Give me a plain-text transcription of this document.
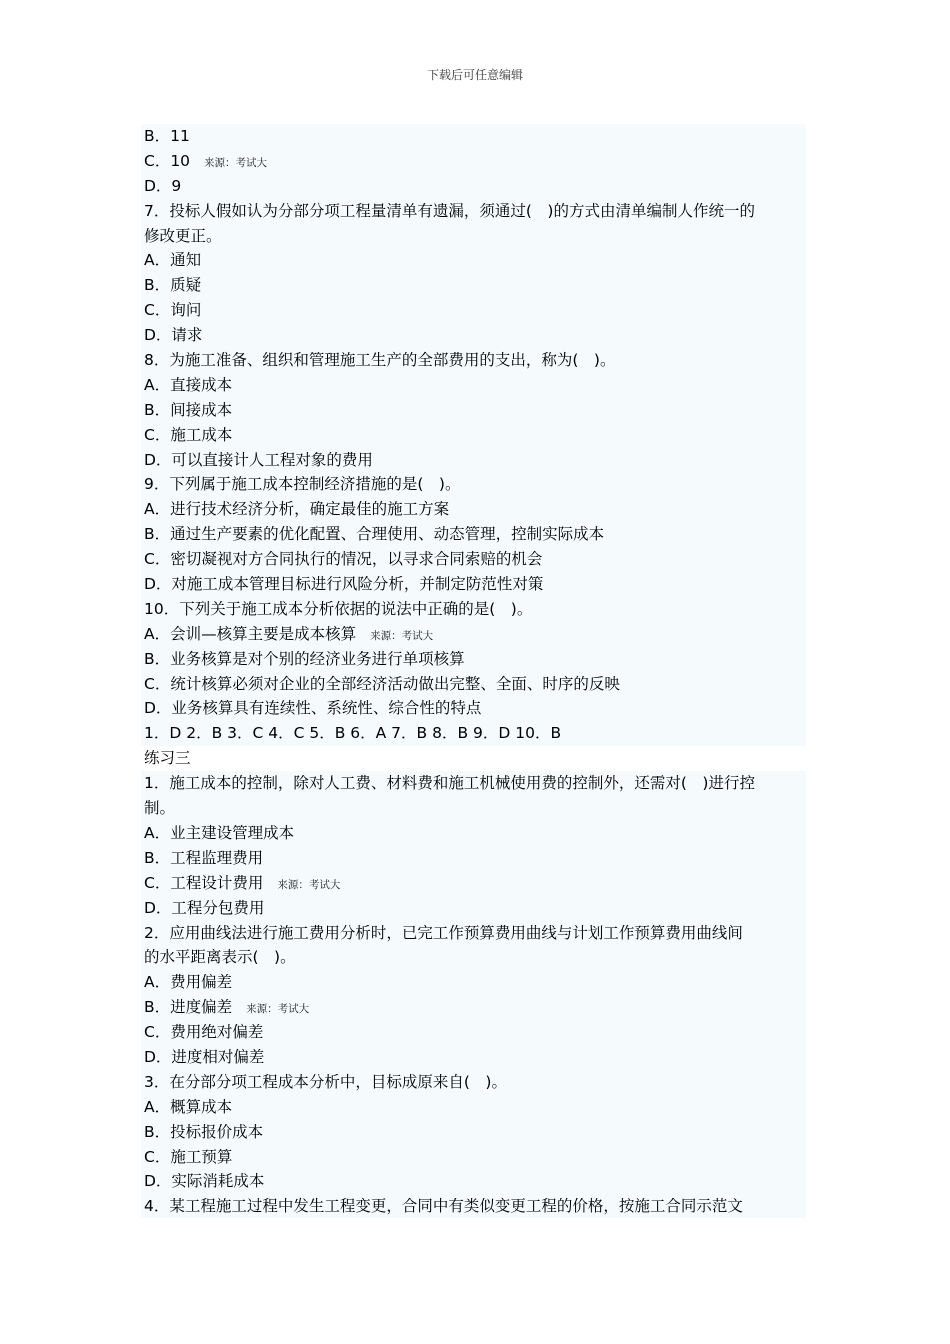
下载后可任意编辑
B．11
C．10 来源：考试大
D．9
7．投标人假如认为分部分项工程量清单有遗漏，须通过(　)的方式由清单编制人作统一的
修改更正。
A．通知
B．质疑
C．询问
D．请求
8．为施工准备、组织和管理施工生产的全部费用的支出，称为(　)。
A．直接成本
B．间接成本
C．施工成本
D．可以直接计人工程对象的费用
9．下列属于施工成本控制经济措施的是(　)。
A．进行技术经济分析，确定最佳的施工方案
B．通过生产要素的优化配置、合理使用、动态管理，控制实际成本
C．密切凝视对方合同执行的情况，以寻求合同索赔的机会
D．对施工成本管理目标进行风险分析，并制定防范性对策
10．下列关于施工成本分析依据的说法中正确的是(　)。
A．会训—核算主要是成本核算 来源：考试大
B．业务核算是对个别的经济业务进行单项核算
C．统计核算必须对企业的全部经济活动做出完整、全面、时序的反映
D．业务核算具有连续性、系统性、综合性的特点
1．D 2．B 3．C 4．C 5．B 6．A 7．B 8．B 9．D 10．B
练习三
1．施工成本的控制，除对人工费、材料费和施工机械使用费的控制外，还需对(　)进行控
制。
A．业主建设管理成本
B．工程监理费用
C．工程设计费用 来源：考试大
D．工程分包费用
2．应用曲线法进行施工费用分析时，已完工作预算费用曲线与计划工作预算费用曲线间
的水平距离表示(　)。
A．费用偏差
B．进度偏差 来源：考试大
C．费用绝对偏差
D．进度相对偏差
3．在分部分项工程成本分析中，目标成原来自(　)。
A．概算成本
B．投标报价成本
C．施工预算
D．实际消耗成本
4．某工程施工过程中发生工程变更，合同中有类似变更工程的价格，按施工合同示范文
